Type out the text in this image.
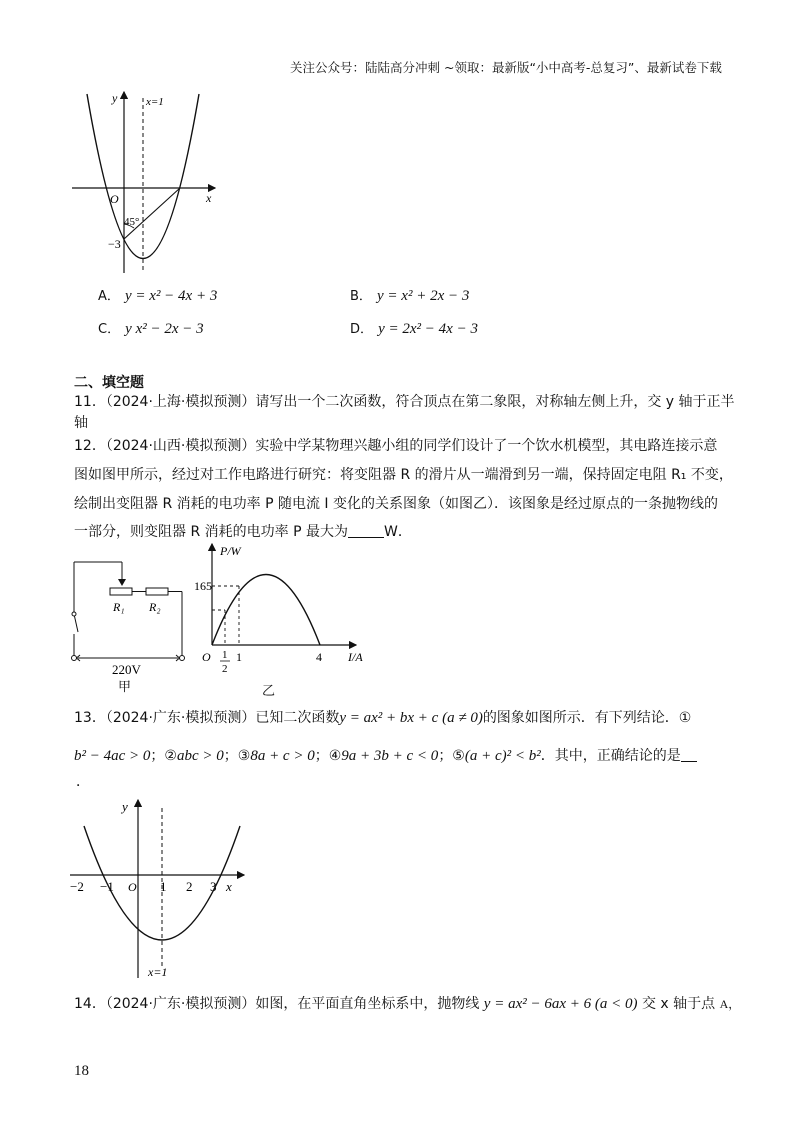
关注公众号：陆陆高分冲刺 ~领取：最新版“小中高考-总复习”、最新试卷下载
y
x
O
x=1
45°
−3
A． y = x² − 4x + 3	B． y = x² + 2x − 3
C． y x² − 2x − 3	D． y = 2x² − 4x − 3
二、填空题
11．（2024·上海·模拟预测）请写出一个二次函数，符合顶点在第二象限，对称轴左侧上升，交 y 轴于正半
轴
12．（2024·山西·模拟预测）实验中学某物理兴趣小组的同学们设计了一个饮水机模型，其电路连接示意
图如图甲所示，经过对工作电路进行研究：将变阻器 R 的滑片从一端滑到另一端，保持固定电阻 R₁ 不变，
绘制出变阻器 R 消耗的电功率 P 随电流 I 变化的关系图象（如图乙）．该图象是经过原点的一条抛物线的
一部分，则变阻器 R 消耗的电功率 P 最大为	W．
R₁ R₂
220V
甲
P/W
I/A
O
165
1
2
1	4
乙
13．（2024·广东·模拟预测）已知二次函数y = ax² + bx + c (a ≠ 0)的图象如图所示．有下列结论．①
b² − 4ac > 0；②abc > 0；③8a + c > 0；④9a + 3b + c < 0；⑤(a + c)² < b²．其中，正确结论的是
．
y
x
O
−2 −1	1 2 3
x=1
14．（2024·广东·模拟预测）如图，在平面直角坐标系中，抛物线 y = ax² − 6ax + 6 (a < 0) 交 x 轴于点 A，
18
